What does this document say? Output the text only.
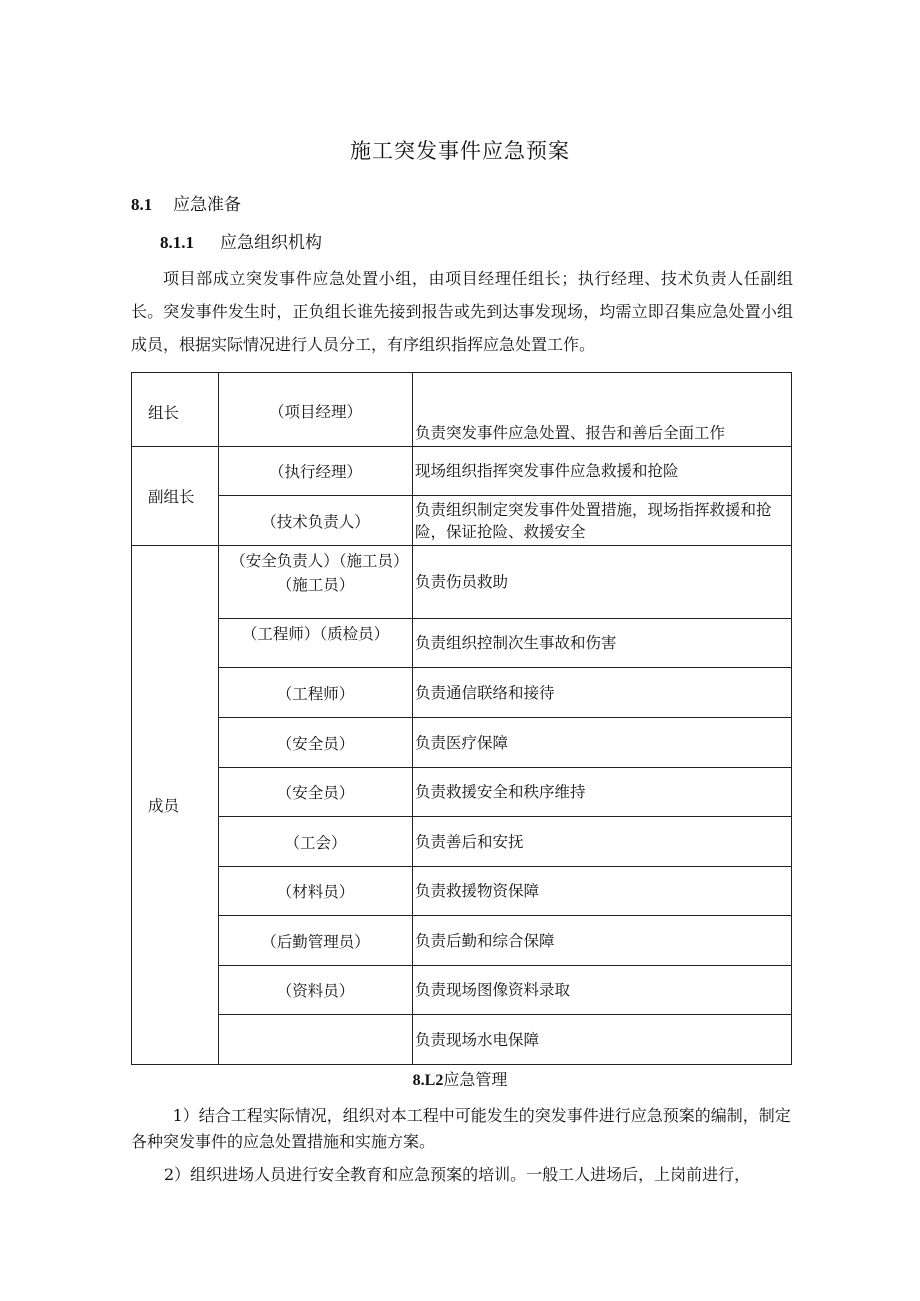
施工突发事件应急预案
8.1 应急准备
8.1.1 应急组织机构

项目部成立突发事件应急处置小组，由项目经理任组长；执行经理、技术负责人任副组长。突发事件发生时，正负组长谁先接到报告或先到达事发现场，均需立即召集应急处置小组成员，根据实际情况进行人员分工，有序组织指挥应急处置工作。

组长	（项目经理）	负责突发事件应急处置、报告和善后全面工作
副组长	（执行经理）	现场组织指挥突发事件应急救援和抢险
	（技术负责人）	负责组织制定突发事件处置措施，现场指挥救援和抢险，保证抢险、救援安全
成员	（安全负责人）（施工员）（施工员）	负责伤员救助
	（工程师）（质检员）	负责组织控制次生事故和伤害
	（工程师）	负责通信联络和接待
	（安全员）	负责医疗保障
	（安全员）	负责救援安全和秩序维持
	（工会）	负责善后和安抚
	（材料员）	负责救援物资保障
	（后勤管理员）	负责后勤和综合保障
	（资料员）	负责现场图像资料录取
		负责现场水电保障
8.L2应急管理

1）结合工程实际情况，组织对本工程中可能发生的突发事件进行应急预案的编制，制定各种突发事件的应急处置措施和实施方案。

2）组织进场人员进行安全教育和应急预案的培训。一般工人进场后，上岗前进行，
